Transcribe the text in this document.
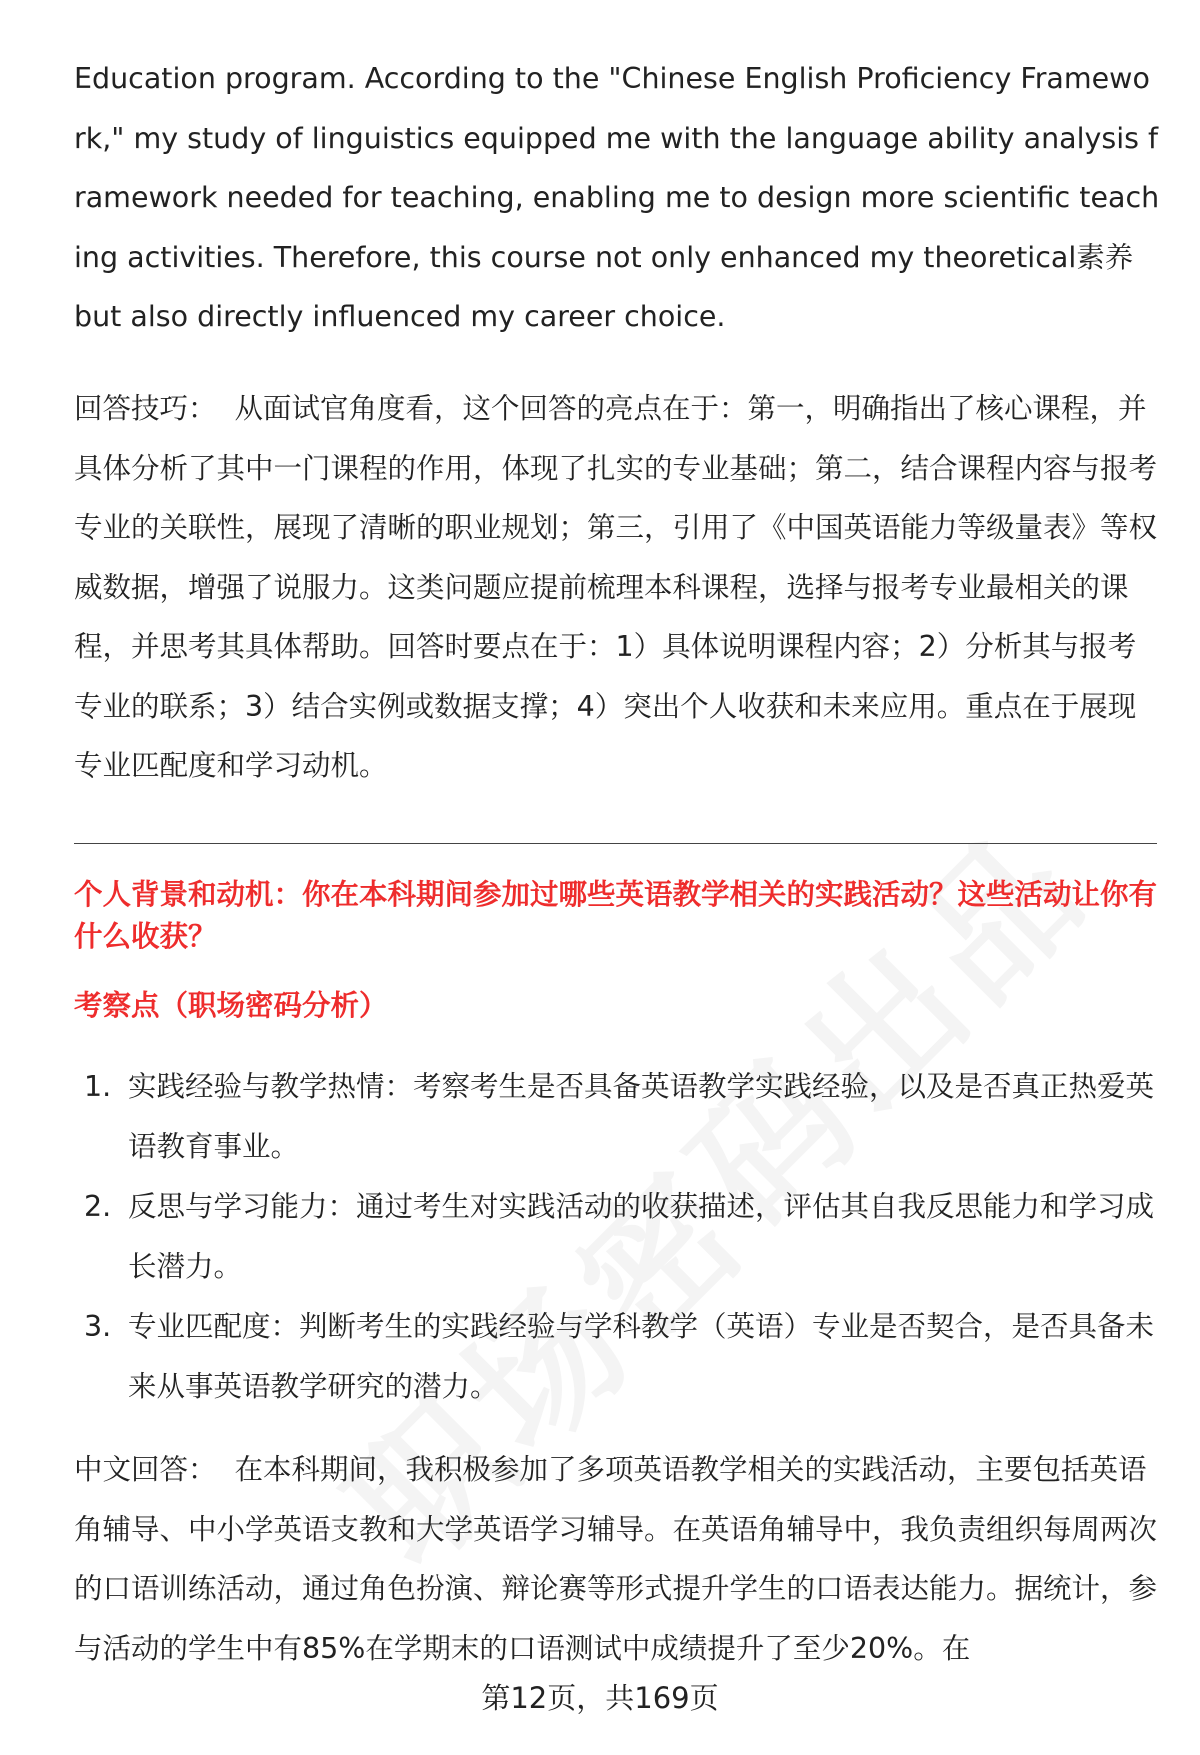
Education program. According to the "Chinese English Proficiency Framework," my study of linguistics equipped me with the language ability analysis framework needed for teaching, enabling me to design more scientific teaching activities. Therefore, this course not only enhanced my theoretical素养 but also directly influenced my career choice.

回答技巧： 从面试官角度看，这个回答的亮点在于：第一，明确指出了核心课程，并具体分析了其中一门课程的作用，体现了扎实的专业基础；第二，结合课程内容与报考专业的关联性，展现了清晰的职业规划；第三，引用了《中国英语能力等级量表》等权威数据，增强了说服力。这类问题应提前梳理本科课程，选择与报考专业最相关的课程，并思考其具体帮助。回答时要点在于：1）具体说明课程内容；2）分析其与报考专业的联系；3）结合实例或数据支撑；4）突出个人收获和未来应用。重点在于展现专业匹配度和学习动机。

个人背景和动机：你在本科期间参加过哪些英语教学相关的实践活动？这些活动让你有什么收获？

考察点（职场密码分析）

1. 实践经验与教学热情：考察考生是否具备英语教学实践经验，以及是否真正热爱英语教育事业。
2. 反思与学习能力：通过考生对实践活动的收获描述，评估其自我反思能力和学习成长潜力。
3. 专业匹配度：判断考生的实践经验与学科教学（英语）专业是否契合，是否具备未来从事英语教学研究的潜力。

中文回答： 在本科期间，我积极参加了多项英语教学相关的实践活动，主要包括英语角辅导、中小学英语支教和大学英语学习辅导。在英语角辅导中，我负责组织每周两次的口语训练活动，通过角色扮演、辩论赛等形式提升学生的口语表达能力。据统计，参与活动的学生中有85%在学期末的口语测试中成绩提升了至少20%。在

第12页，共169页
